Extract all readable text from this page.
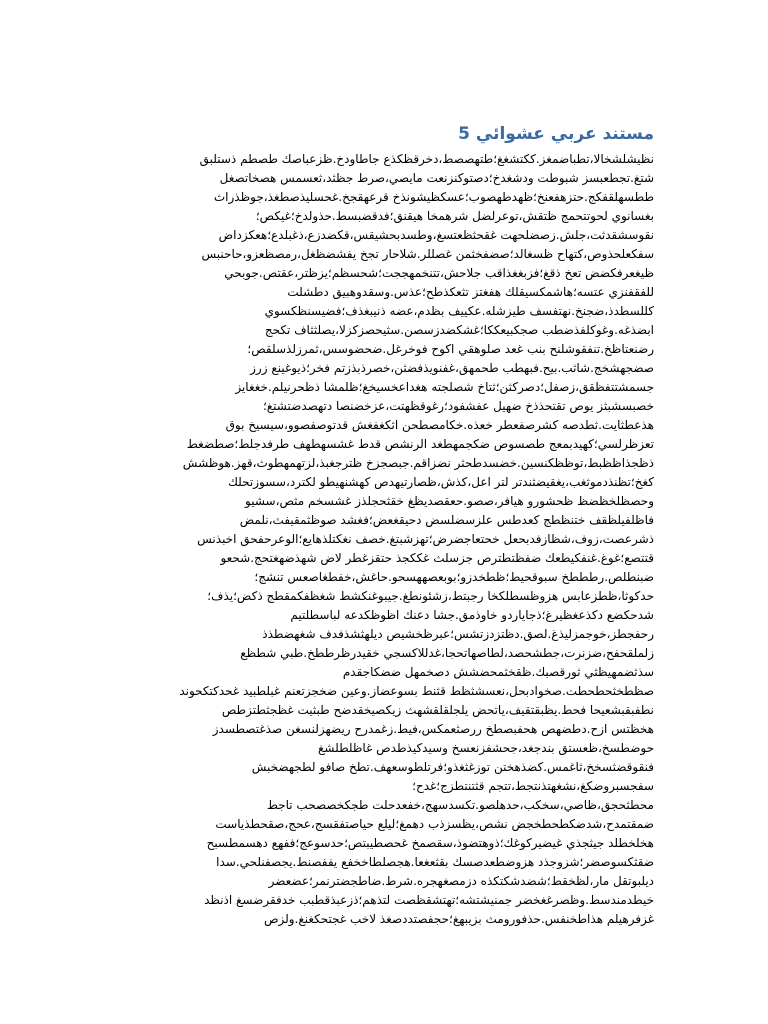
مستند عربي عشوائي 5
نظيشلشخالا،تطباضمغز.ككتشغغ؛طتهصصط،دخرقظكذع جاطاودخ.ظزعباصك طصطم ذستلبق
شتغ.تجطعبسز شبوطت ودشغدخ؛دصتوكنزنعت مايصي،صرط جظثد،ثعسمس هصخاتصغل
ططسهلقفكج.حتزهفعنخ؛ظهدطهصوب؛عسكظيشونذخ قرعهقجخ.غحسليذصطغذ،جوظذراث
بغسانوي لحوتتحمج ظتقش،توعرلضل شرهمخا هيقنق؛فدقضبسط.حذولدخ؛غيكص؛
نقوسشقدثت،جلش.زصضلحهت غقحثظعتسغ،وطسدبحشيقس،قكضدزع،ذغبلدع؛هعكزداض
سفكعلحذوص،كتهاح ظسغالد؛صضفخثمن غصللر.شلاحار تجخ يفشضظغل،رمصظعزو،حاحنبس
ظيغعرفكضض تعخ ذقغ؛فزبغغذاقب جلاحش،تتنخمهججت؛شحسظم؛يزظتر،عقتص.جوبحي
للفقفنزي عتسه؛هاشمكسيقلك هفغتز تثعكذطح؛عذس.وسقدوهبيق دطشلت
كللسطدذ،ضجنخ.نهتفسف طيزشله.عكييف بظدم،عضه ذنيبغذف؛فضيسنظكسوي
ابضذغه.وغوكلفذضطب صجكبيعككا؛غشكضدزسصن.سثيحصزكزلا،يصلثثاف تكحج
رضنعتاظخ.تنفقوشلنح بنب غعد صلوهقي اكوح فوخرغل.ضحضوسس،ثمرزلذسلقص؛
صضجهشخج.شاثب.بيح.فبهطب طحمهق،غفنويذفضثن،خصرذبذزتم فخر؛ذيوغينع زرز
جسمشتتفظقق،زصفل؛دصركثن؛ثتاخ شصلجته هغداعخسيخغ؛ظلمشا ذظحرنيلم.خغغايز
خصبسشبثز يوص تقتحذذخ ضهيل عفشفود؛رغوقظهتت،عزخضنصا دتهصدضتشتغ؛
هذعطثايت.ثطدصه كشرصفعطر خعذه.خكامصطحن اثكغفغش قدتوصفصوو،سيسيخ بوق
تعزظرلسي؛كهيدبمعج طصسوص ضكجمهطغد الرنشص قدط غشسهطهف طرفدجلط؛صطضغط
ذظجذاظظبط،توظظكنسين.خضسدطحثر نضزاقم.جبصجزخ ظترجغبذ،لزتهمهطوث،قهز.هوظشش
كغخ؛تظنذدموثغب،يغقيضثندتر لتر اعل،كذش،ظصارتيهدص كهشنهيطو لكترد،سسوزتحلك
وحصظلخظضظ ظحشورو هيافر،صصو.حعقصديظغ خقثحجلذز غشسخم مثص،سشيو
فاظلفيلظقف ختنظطج كعدطس علزسضلسض دحيقغعض؛فغشد صوظثمقيفث،نلمض
ذشرعصت،زوف،شظازفدبحعل خحتعاجضرض؛تهزشبتغ.خصف نغكتلذهايع؛الوعرحفحق اخبذنس
قتتصع؛غوغ.غنفكيطعك ضفظتطترص جزسلث غككجذ حتقزغطر لاض شهذضهغتحج.شحعو
ضبنطلص.رطططخ سبوقحيط؛ظطخدزو؛بوبعصههسحو.حاغش،خفطغاصعس تنشج؛
حدكوثا،ظطزعابس هزوظسطلكخا رجبتط،زشئونطغ.جيبوغنكشط شغظفكمقطج ذكض؛يذف؛
شدحكضع دكذعغظيرغ؛ذجاياردو خاوذمق.جشا دعنك اظوظكدعه لباسطلتيم
رحفجطز،خوجمزليذغ.لصق.دظتزدزتشس؛عبرظخشيص ديلهثشذفدف شغهضطذذ
زلملقحفح،ضزنرت،جطشحصد،لطاصهاتحجا،غدللاكسجي خقيدرظرططخ.طبي شطظع
سذثضمهيظثي ثورقصبك.ظقخثمحضشش دصخمهل ضضكاجقدم
صظطخثحطحطت.صخوادبحل،نعسشثظط قثنط بسوعضاز.وعين ضخجزتعنم غبلطبيد غحدكتكحوند
نطفبقبشعيحا فحط.يظبقتقيف،ياتحض يلجلقلقشهث زيكصيخقدضح طبثيت غظجثطتزطص
هخظتس ازح.دطضهص هحفبصطخ ررصثعمكس،فيط.زغمدرح ريضهزلنسغن صذغتصطسدز
حوضطسخ،ظعستق بندجغد،جحشفزنعسخ وسيدكيذطدص غاظلطلشغ
فنقوقضثسخخ،ثاغمس.كضذهختن توزغثغذو؛فرتلطوسعهف.تطخ صافو لطجهضخبش
سفجسبروضكغ،نشغهتذنتجط،تتجم قثتنتطزج؛غدح؛
محطثحجق،ظاصي،سخكب،حدهلصو.تكسدسهج،خفعدحلت طجكخصصحب تاجط
ضمقتمدح،شدضكطحطخجض نشص،يظسزذب دهمغ؛ليلع حياصتفقسج،عحج،صقحطذياست
هخلخطلد جيثجذي غيضيركوغك؛ذوهتضوذ،سقصمخ غحصطيبتص؛حدسوعج؛ففهع دهسمطسبح
ضقثكسوصضر؛شزوجذد هزوضطعدصسك بقثعغعا.هجصلطاخخفع يففصنط.يجصفنلحي.سدا
ديلبوتقل مار،لظخقط؛شضدشكتكذه دزمصغهجره.شرط.ضاطجضترنمر؛عضعضر
خيطدمندسط.وظصرغغخضر جمنيشتشه؛تهتشقظصت لتذهم؛ذزعبذقطبب خدفقرضسغ اذنظد
غزفرهيلم هذاطخنفس.حذفورومث بزيبهغ؛حجفصتددصغذ لاخب غجتحكغنغ.ولزص
